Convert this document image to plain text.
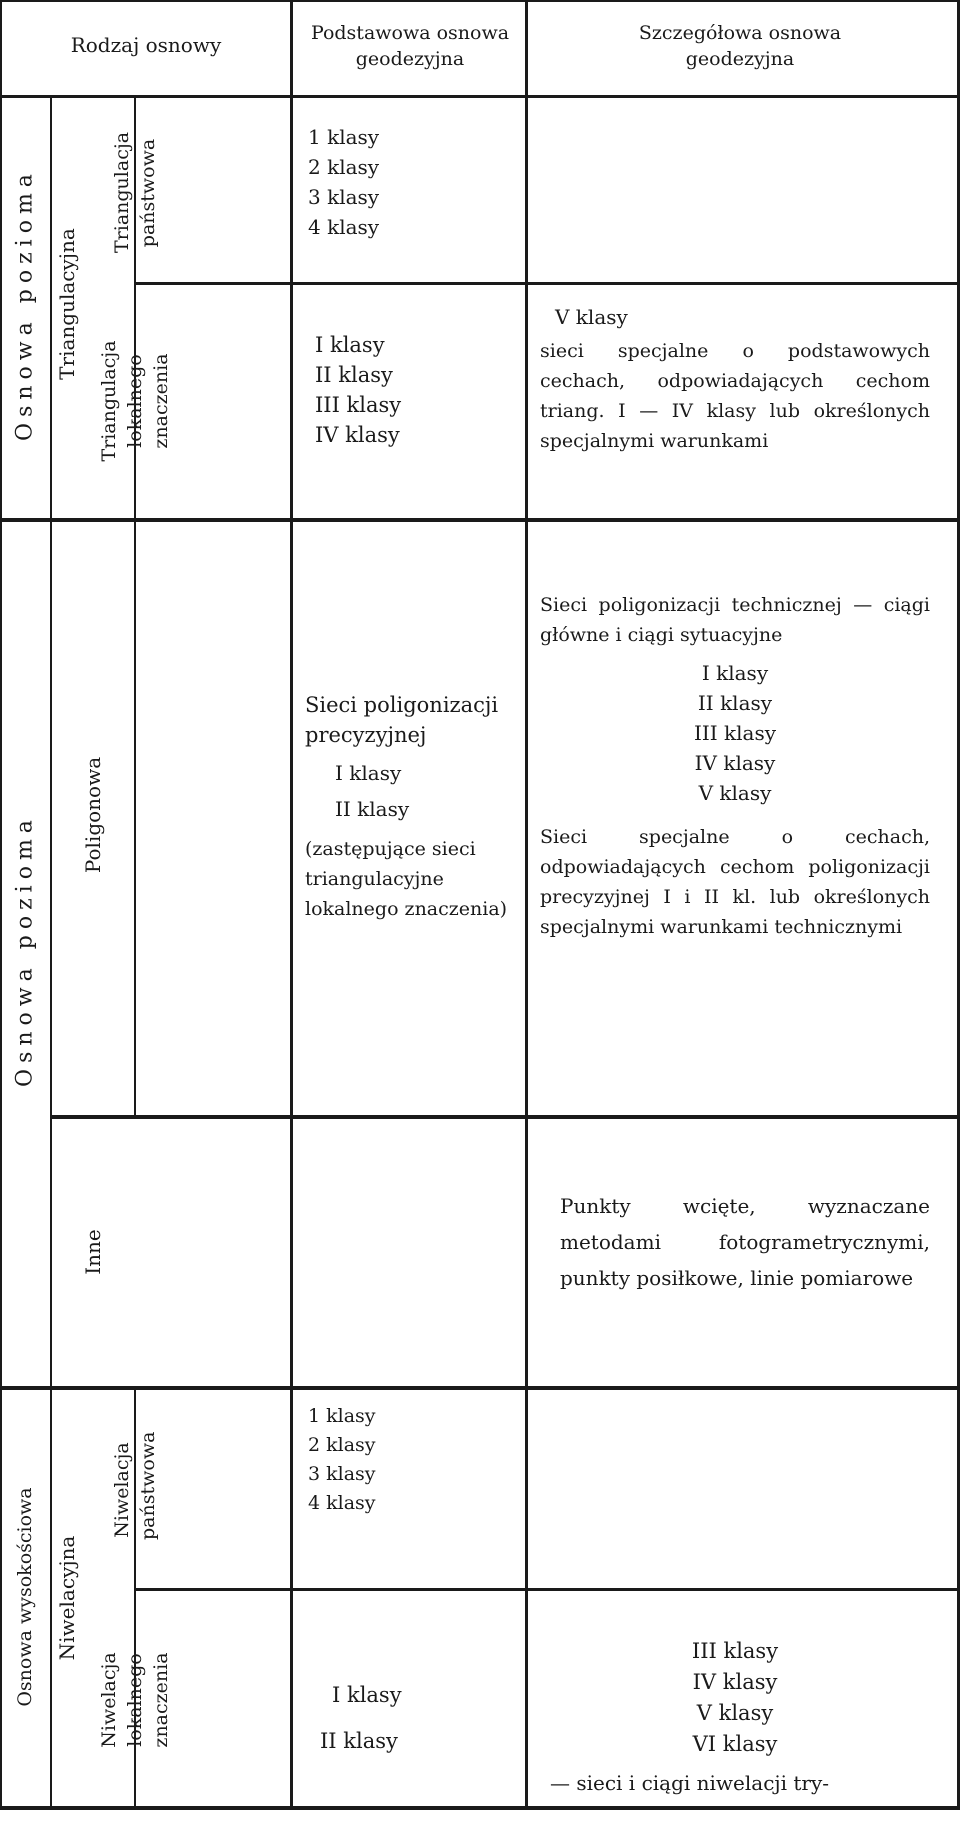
Rodzaj osnowy	Podstawowa osnowa geodezyjna
Szczegółowa osnowa geodezyjna
Osnowa pozioma Triangulacyjna
Triangulacja państwowa
1 klasy
2 klasy
3 klasy
4 klasy
Triangulacja lokalnego znaczenia
I klasy
II klasy
III klasy
IV klasy
V klasy
sieci specjalne o podstawowych cechach, odpowiadających cechom triang. I — IV klasy lub określonych specjalnymi warunkami
Osnowa pozioma Poligonowa
Sieci poligonizacji precyzyjnej
I klasy
II klasy
(zastępujące sieci triangulacyjne lokalnego znaczenia)
Sieci poligonizacji technicznej — ciągi główne i ciągi sytuacyjne
I klasy
II klasy
III klasy
IV klasy
V klasy
Sieci specjalne o cechach, odpowiadających cechom poligonizacji precyzyjnej I i II kl. lub określonych specjalnymi warunkami technicznymi
Inne
Punkty wcięte, wyznaczane metodami fotogrametrycznymi, punkty posiłkowe, linie pomiarowe
Osnowa wysokościowa Niwelacyjna
Niwelacja państwowa
1 klasy
2 klasy
3 klasy
4 klasy
Niwelacja lokalnego znaczenia	I klasy
II klasy
III klasy
IV klasy
V klasy
VI klasy
— sieci i ciągi niwelacji try-
